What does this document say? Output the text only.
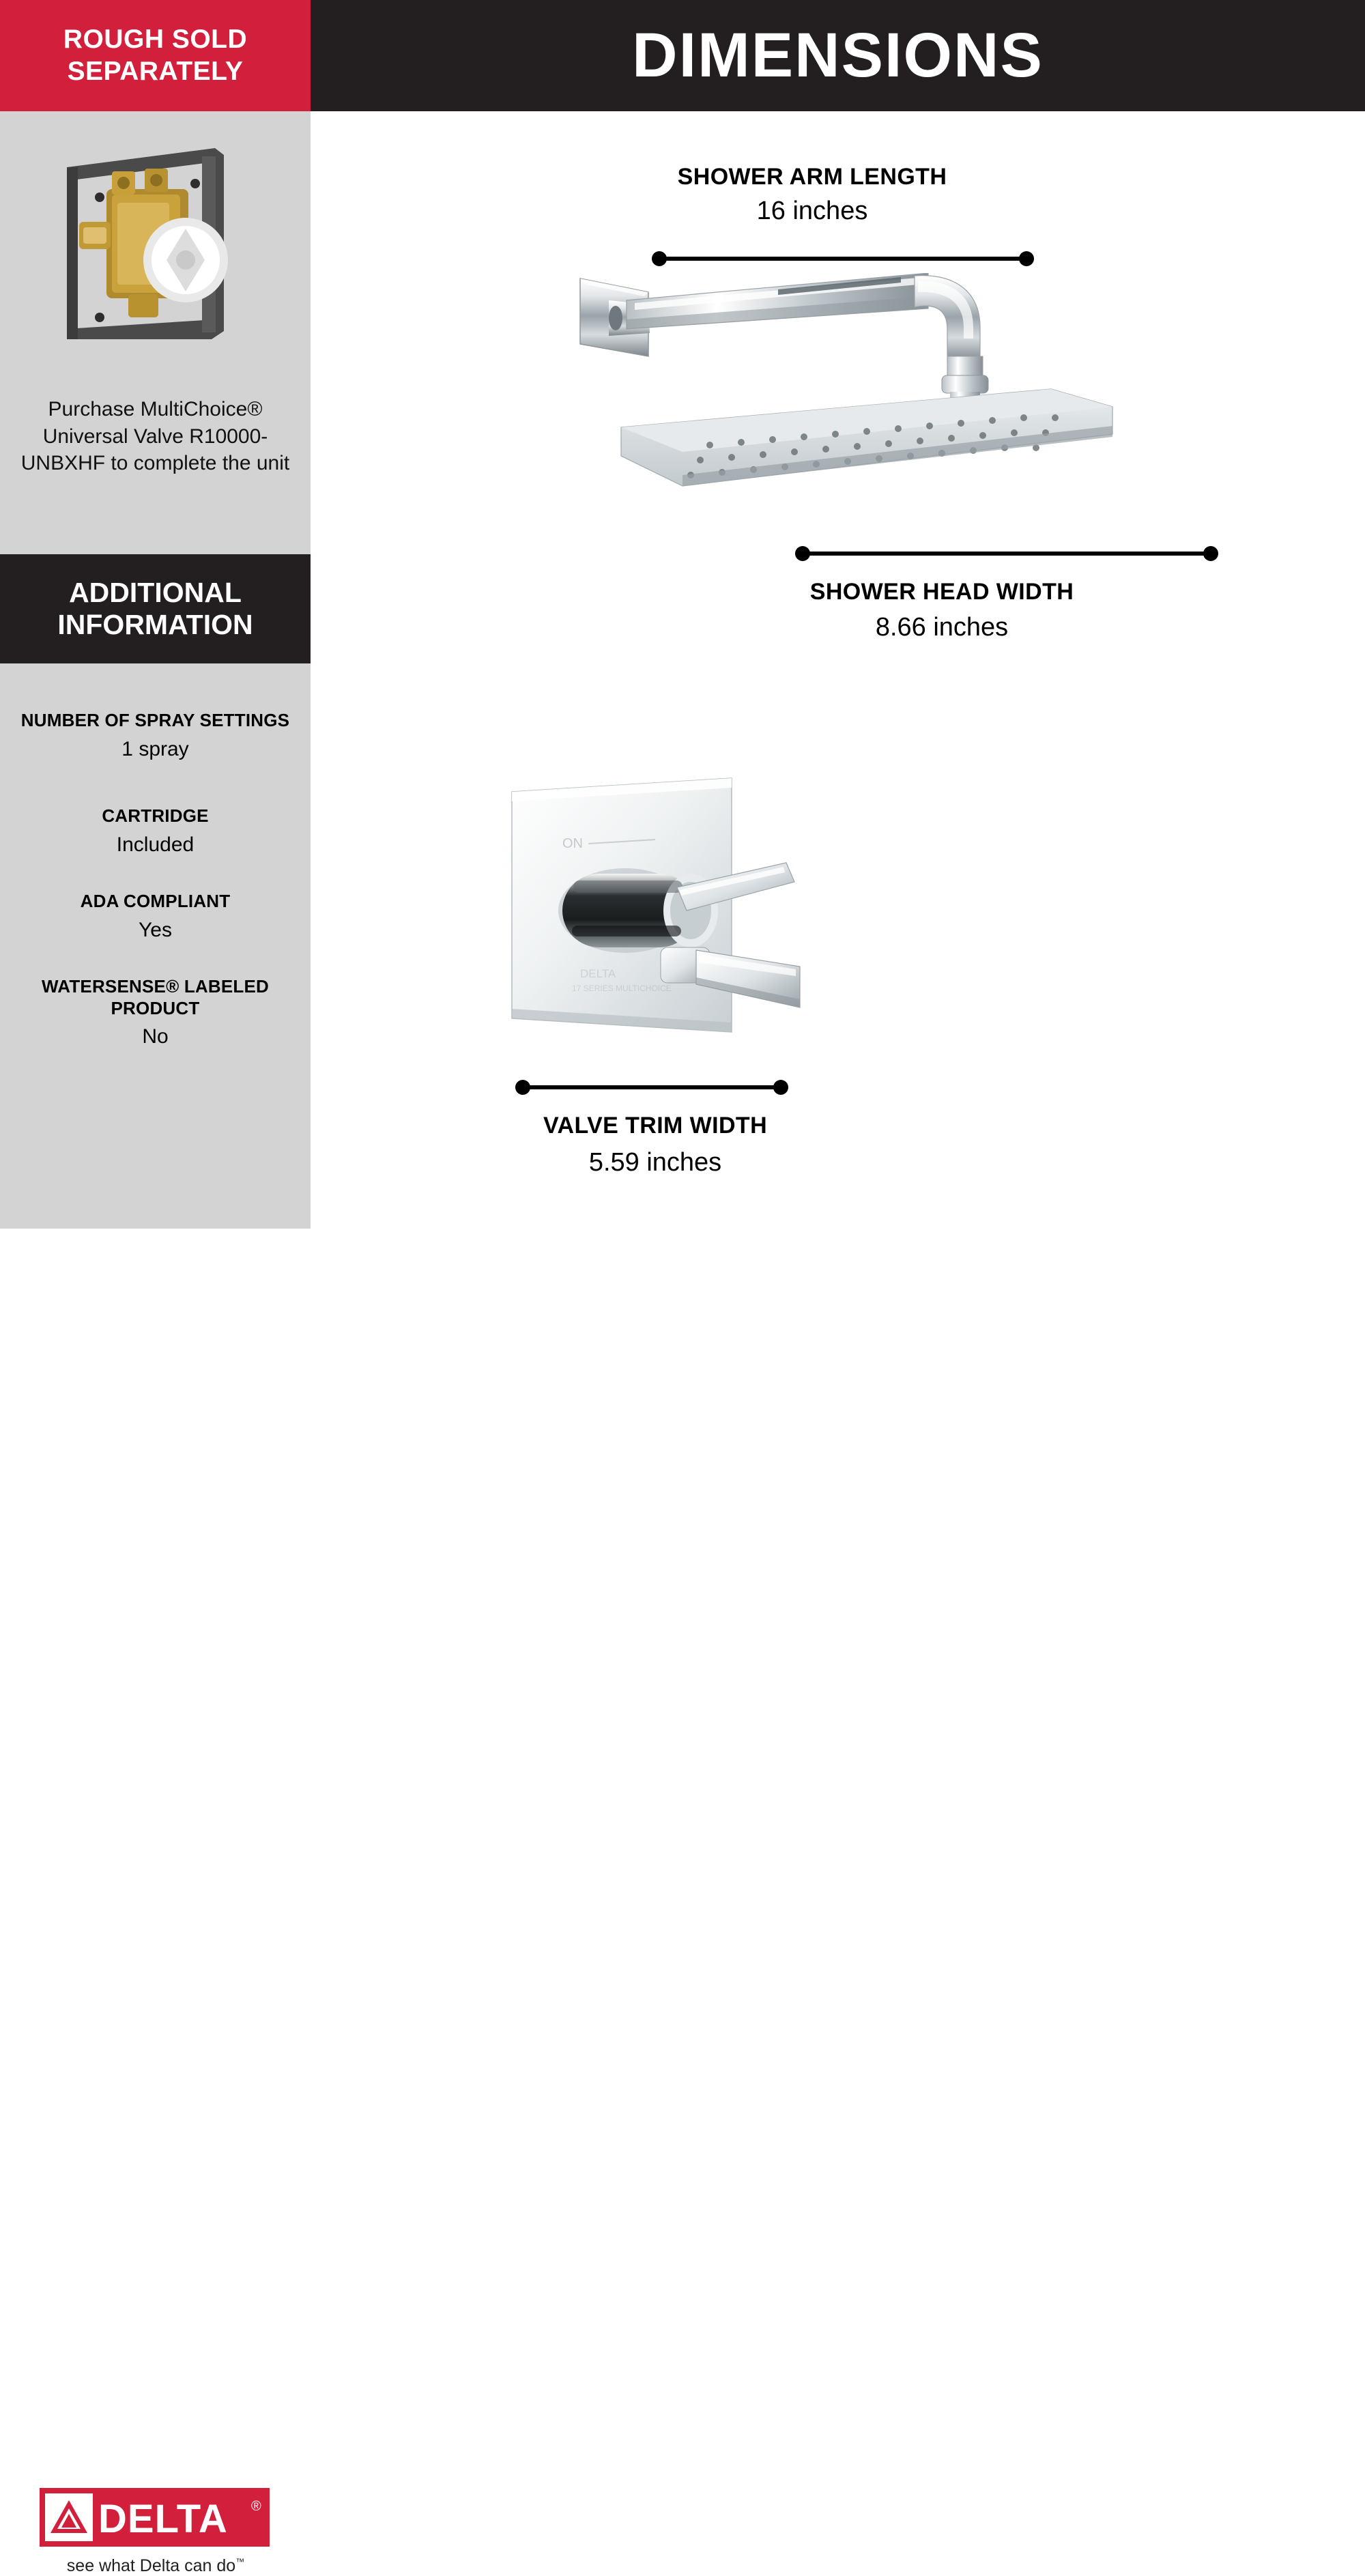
ROUGH SOLD
SEPARATELY
Purchase MultiChoice® Universal Valve R10000-UNBXHF to complete the unit
ADDITIONAL
INFORMATION
NUMBER OF SPRAY SETTINGS
1 spray
CARTRIDGE
Included
ADA COMPLIANT
Yes
WATERSENSE® LABELED PRODUCT
No
DELTA ®
see what Delta can do™
DIMENSIONS
SHOWER ARM LENGTH
16 inches
SHOWER HEAD WIDTH
8.66 inches
ON
DELTA
17 SERIES MULTICHOICE
VALVE TRIM WIDTH
5.59 inches
